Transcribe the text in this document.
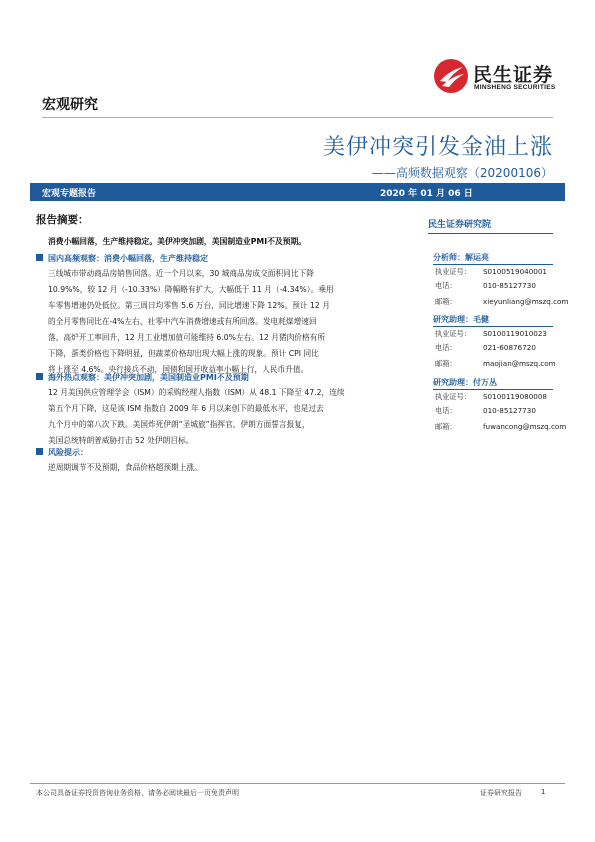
民生证券
MINSHENG SECURITIES
宏观研究
美伊冲突引发金油上涨
——高频数据观察（20200106）
宏观专题报告	2020 年 01 月 06 日
报告摘要：
消费小幅回落，生产维持稳定。美伊冲突加剧，美国制造业PMI不及预期。
国内高频观察：消费小幅回落，生产维持稳定
三线城市带动商品房销售回落。近一个月以来，30 城商品房成交面积同比下降
10.9%%，较 12 月（-10.33%）降幅略有扩大，大幅低于 11 月（-4.34%）。乘用
车零售增速仍处低位。第三周日均零售 5.6 万台，同比增速下降 12%。预计 12 月
的全月零售同比在-4%左右，社零中汽车消费增速或有所回落。发电耗煤增速回
落，高炉开工率回升，12 月工业增加值可能维持 6.0%左右。12 月猪肉价格有所
下降，蛋类价格也下降明显，但蔬菜价格却出现大幅上涨的现象。预计 CPI 同比
将上涨至 4.6%。央行接兵不动，国债和国开收益率小幅上行，人民币升值。
海外热点观察：美伊冲突加剧，美国制造业PMI不及预期
12 月美国供应管理学会（ISM）的采购经理人指数（ISM）从 48.1 下降至 47.2，连续
第五个月下降，这是该 ISM 指数自 2009 年 6 月以来创下的最低水平，也是过去
九个月中的第八次下跌。美国炸死伊朗“圣城旅”指挥官，伊朗方面誓言报复，
美国总统特朗普威胁打击 52 处伊朗目标。
风险提示：
逆周期调节不及预期，食品价格超预期上涨。
民生证券研究院
分析师：解运亮
执业证号： S0100519040001
电话：	010-85127730
邮箱：	xieyunliang@mszq.com
研究助理：毛健
执业证号： S0100119010023
电话：	021-60876720
邮箱：	maojian@mszq.com
研究助理：付万丛
执业证号： S0100119080008
电话：	010-85127730
邮箱：	fuwancong@mszq.com
本公司具备证券投资咨询业务资格，请务必阅读最后一页免责声明	证券研究报告	1
